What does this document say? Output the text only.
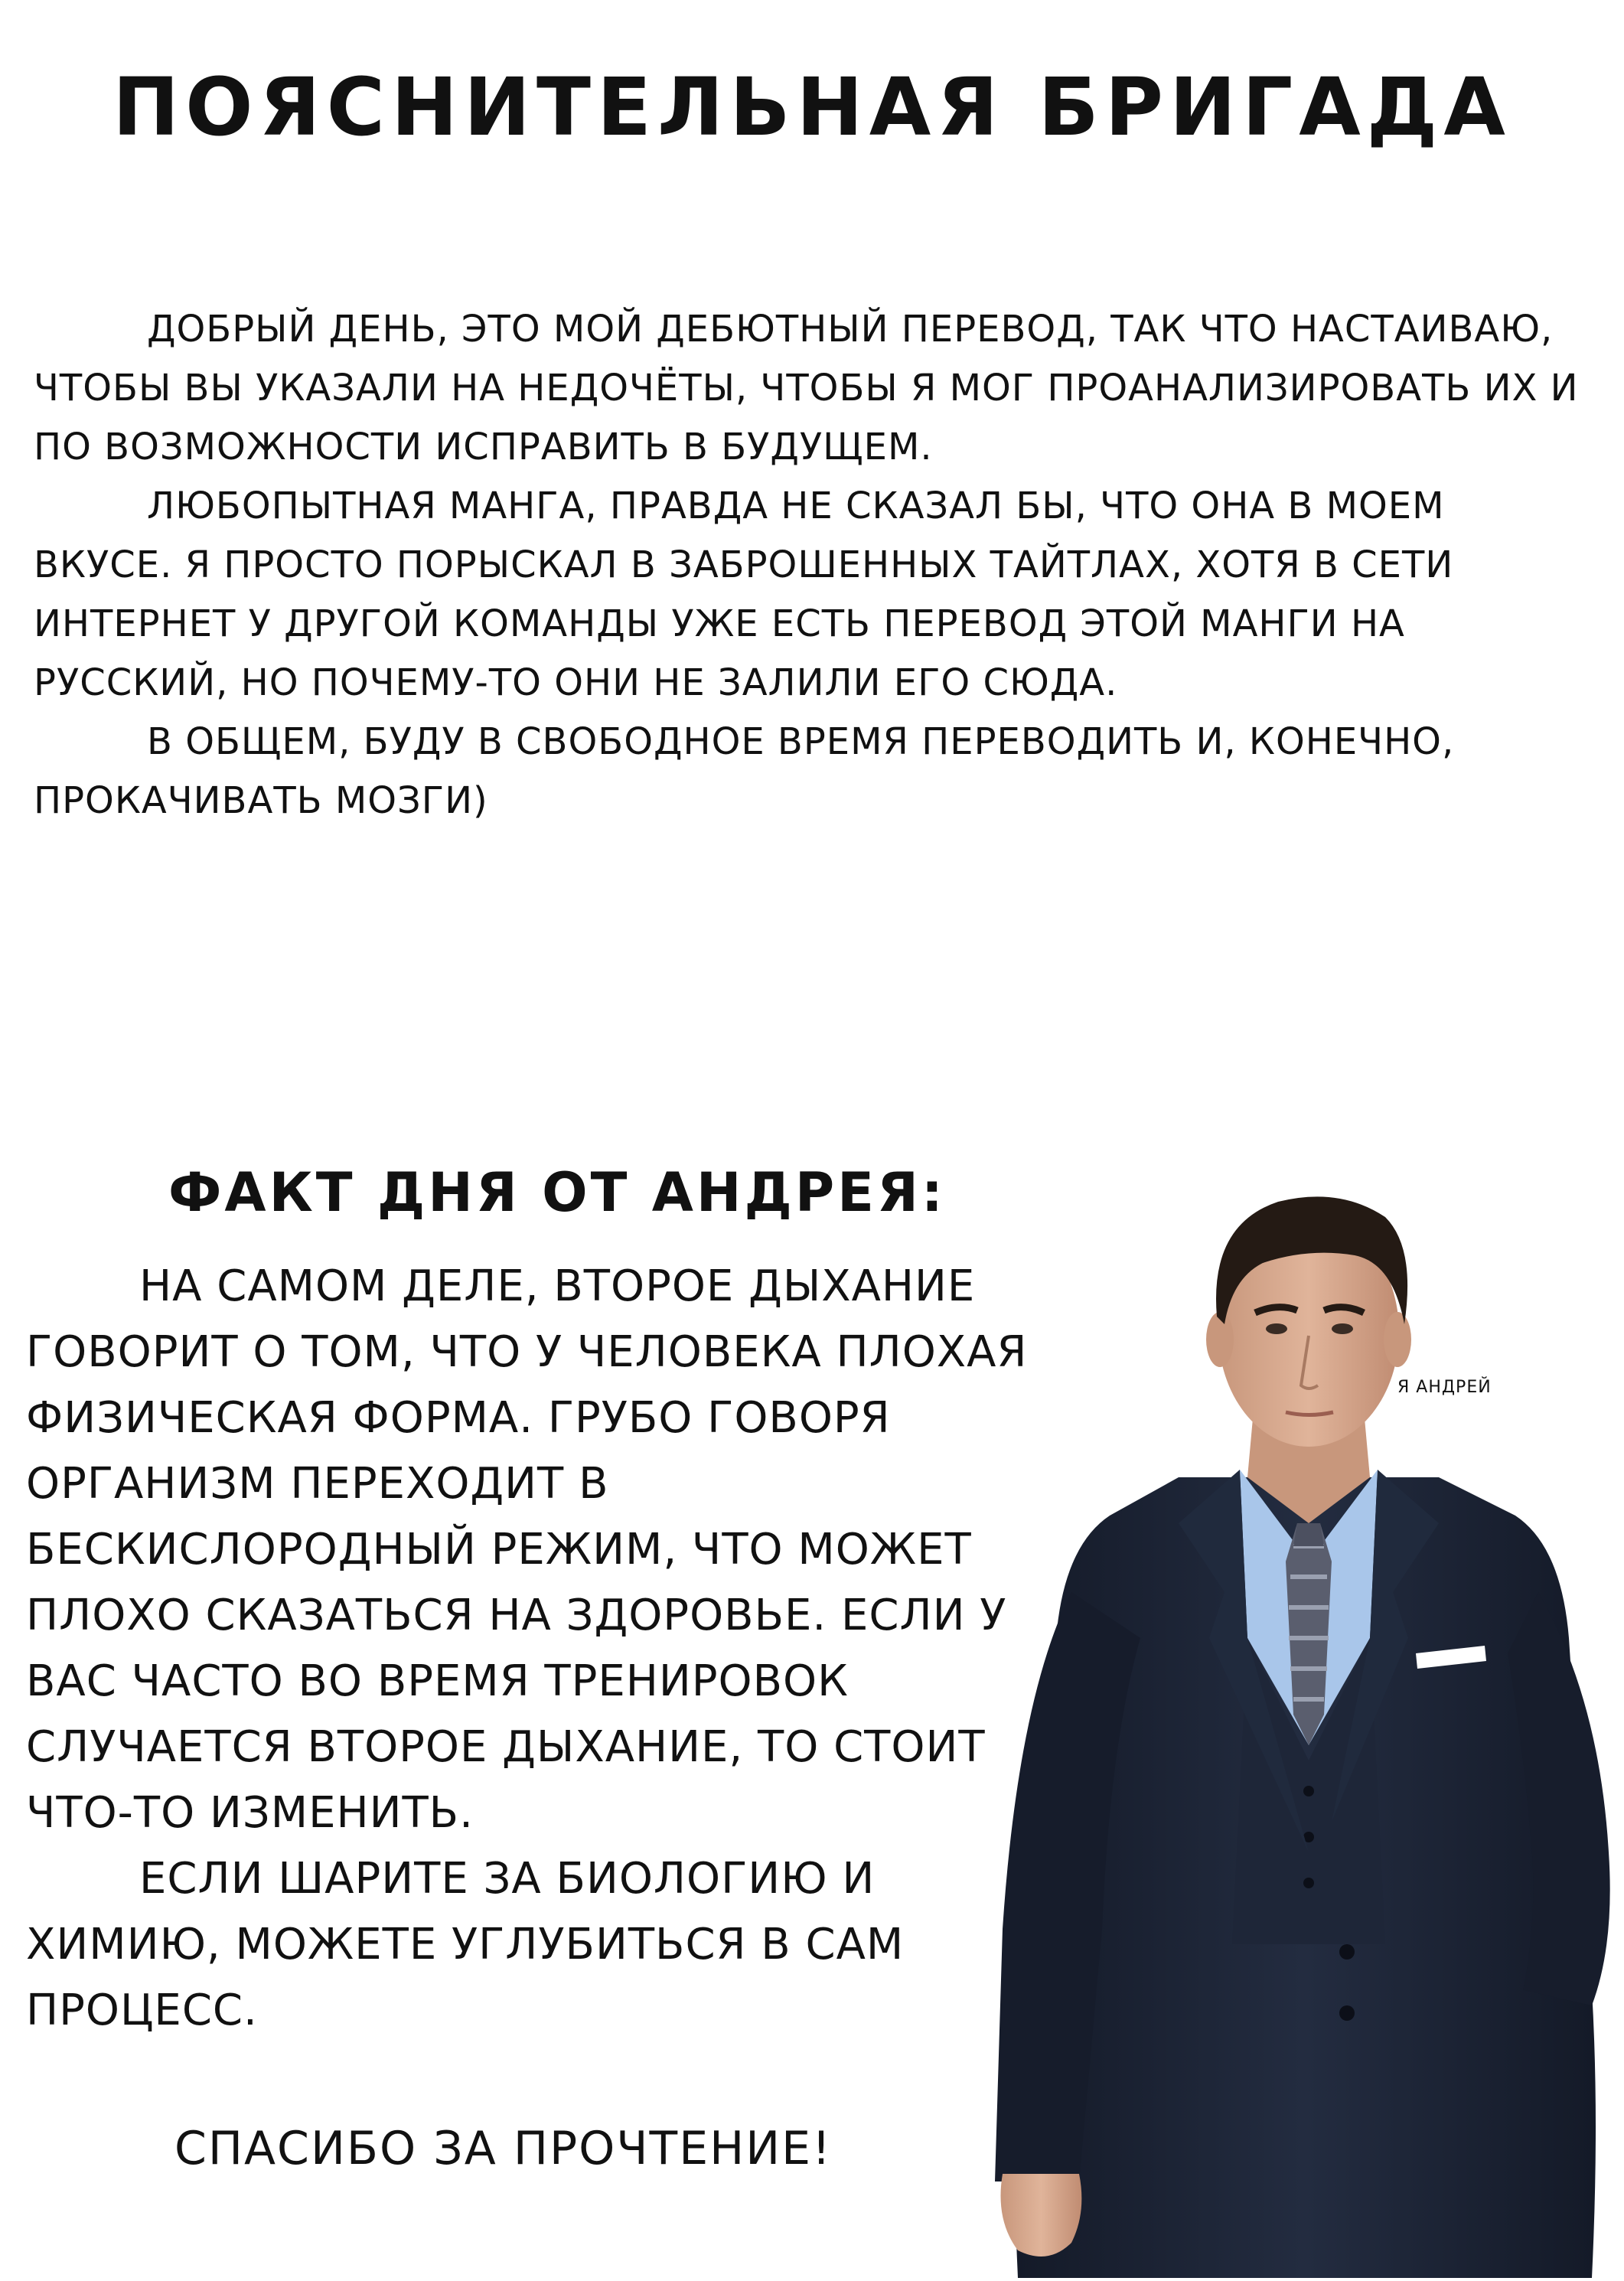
ПОЯСНИТЕЛЬНАЯ БРИГАДА

ДОБРЫЙ ДЕНЬ, ЭТО МОЙ ДЕБЮТНЫЙ ПЕРЕВОД, ТАК ЧТО НАСТАИВАЮ, ЧТОБЫ ВЫ УКАЗАЛИ НА НЕДОЧЁТЫ, ЧТОБЫ Я МОГ ПРОАНАЛИЗИРОВАТЬ ИХ И ПО ВОЗМОЖНОСТИ ИСПРАВИТЬ В БУДУЩЕМ.

ЛЮБОПЫТНАЯ МАНГА, ПРАВДА НЕ СКАЗАЛ БЫ, ЧТО ОНА В МОЕМ ВКУСЕ. Я ПРОСТО ПОРЫСКАЛ В ЗАБРОШЕННЫХ ТАЙТЛАХ, ХОТЯ В СЕТИ ИНТЕРНЕТ У ДРУГОЙ КОМАНДЫ УЖЕ ЕСТЬ ПЕРЕВОД ЭТОЙ МАНГИ НА РУССКИЙ, НО ПОЧЕМУ-ТО ОНИ НЕ ЗАЛИЛИ ЕГО СЮДА.

В ОБЩЕМ, БУДУ В СВОБОДНОЕ ВРЕМЯ ПЕРЕВОДИТЬ И, КОНЕЧНО, ПРОКАЧИВАТЬ МОЗГИ)

ФАКТ ДНЯ ОТ АНДРЕЯ:

НА САМОМ ДЕЛЕ, ВТОРОЕ ДЫХАНИЕ ГОВОРИТ О ТОМ, ЧТО У ЧЕЛОВЕКА ПЛОХАЯ ФИЗИЧЕСКАЯ ФОРМА. ГРУБО ГОВОРЯ ОРГАНИЗМ ПЕРЕХОДИТ В БЕСКИСЛОРОДНЫЙ РЕЖИМ, ЧТО МОЖЕТ ПЛОХО СКАЗАТЬСЯ НА ЗДОРОВЬЕ. ЕСЛИ У ВАС ЧАСТО ВО ВРЕМЯ ТРЕНИРОВОК СЛУЧАЕТСЯ ВТОРОЕ ДЫХАНИЕ, ТО СТОИТ ЧТО-ТО ИЗМЕНИТЬ.

ЕСЛИ ШАРИТЕ ЗА БИОЛОГИЮ И ХИМИЮ, МОЖЕТЕ УГЛУБИТЬСЯ В САМ ПРОЦЕСС.

Я АНДРЕЙ
СПАСИБО ЗА ПРОЧТЕНИЕ!
